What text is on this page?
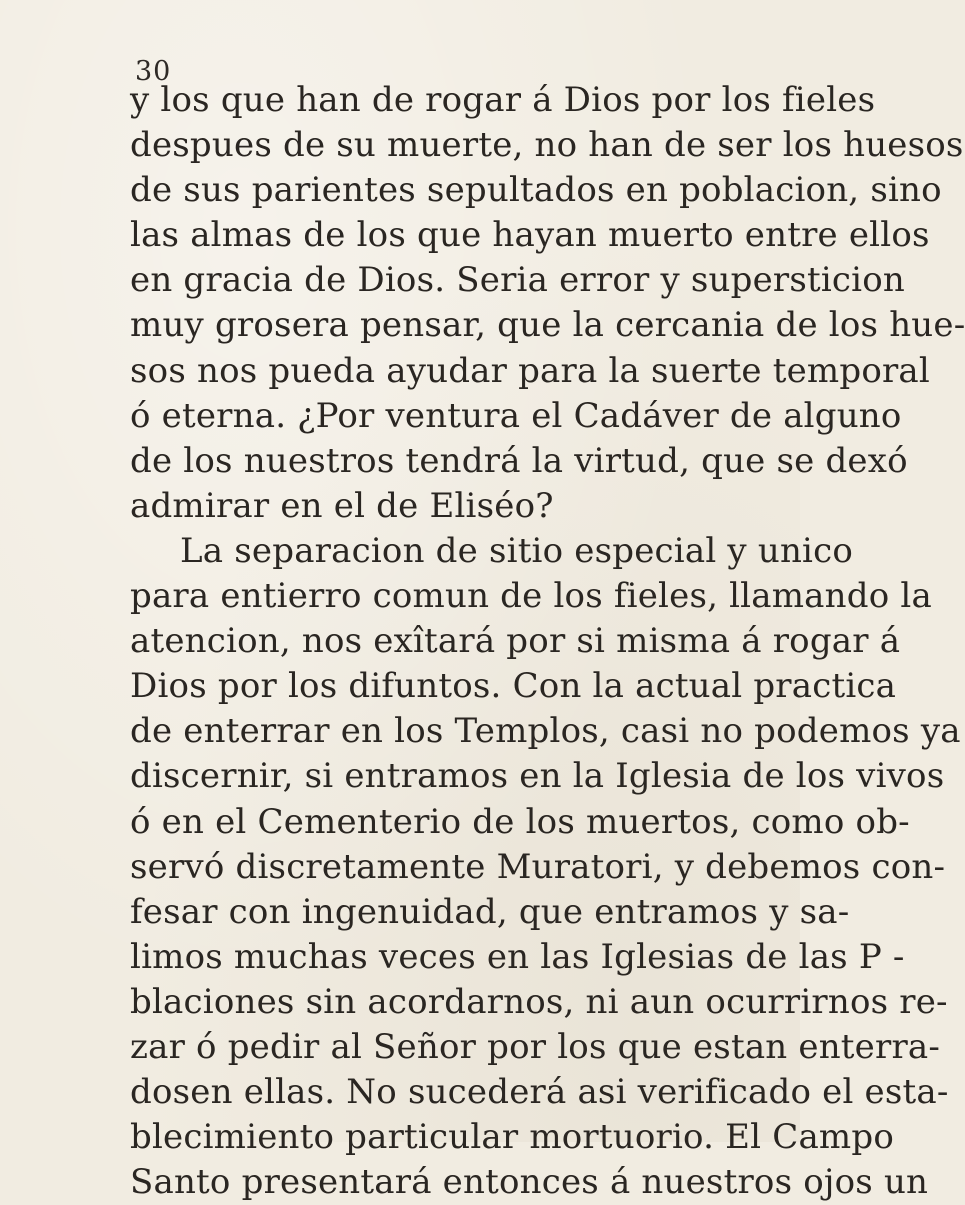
30
y los que han de rogar á Dios por los fieles
despues de su muerte, no han de ser los huesos
de sus parientes sepultados en poblacion, sino
las almas de los que hayan muerto entre ellos
en gracia de Dios. Seria error y supersticion
muy grosera pensar, que la cercania de los hue-
sos nos pueda ayudar para la suerte temporal
ó eterna. ¿Por ventura el Cadáver de alguno
de los nuestros tendrá la virtud, que se dexó
admirar en el de Eliséo?
La separacion de sitio especial y unico
para entierro comun de los fieles, llamando la
atencion, nos exîtará por si misma á rogar á
Dios por los difuntos. Con la actual practica
de enterrar en los Templos, casi no podemos ya
discernir, si entramos en la Iglesia de los vivos
ó en el Cementerio de los muertos, como ob-
servó discretamente Muratori, y debemos con-
fesar con ingenuidad, que entramos y sa-
limos muchas veces en las Iglesias de las P -
blaciones sin acordarnos, ni aun ocurrirnos re-
zar ó pedir al Señor por los que estan enterra-
dosen ellas. No sucederá asi verificado el esta-
blecimiento particular mortuorio. El Campo
Santo presentará entonces á nuestros ojos un
